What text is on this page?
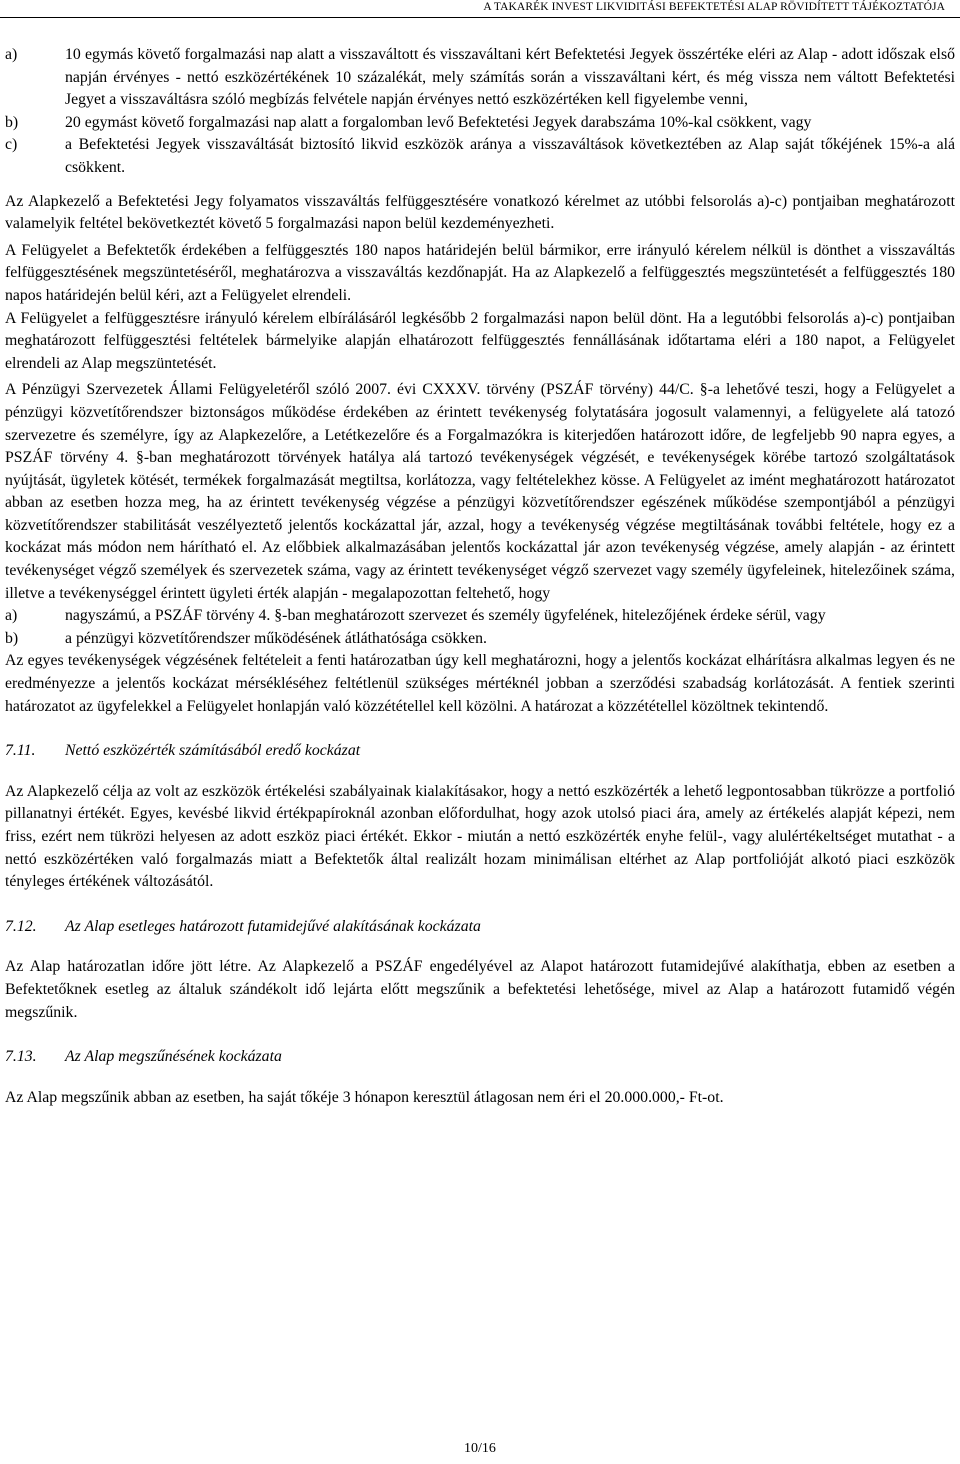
A TAKARÉK INVEST LIKVIDITÁSI BEFEKTETÉSI ALAP RÖVIDÍTETT TÁJÉKOZTATÓJA
a)	10 egymás követő forgalmazási nap alatt a visszaváltott és visszaváltani kért Befektetési Jegyek összértéke eléri az Alap - adott időszak első napján érvényes - nettó eszközértékének 10 százalékát, mely számítás során a visszaváltani kért, és még vissza nem váltott Befektetési Jegyet a visszaváltásra szóló megbízás felvétele napján érvényes nettó eszközértéken kell figyelembe venni,
b)	20 egymást követő forgalmazási nap alatt a forgalomban levő Befektetési Jegyek darabszáma 10%-kal csökkent, vagy
c)	a Befektetési Jegyek visszaváltását biztosító likvid eszközök aránya a visszaváltások következtében az Alap saját tőkéjének 15%-a alá csökkent.

Az Alapkezelő a Befektetési Jegy folyamatos visszaváltás felfüggesztésére vonatkozó kérelmet az utóbbi felsorolás a)-c) pontjaiban meghatározott valamelyik feltétel bekövetkeztét követő 5 forgalmazási napon belül kezdeményezheti.

A Felügyelet a Befektetők érdekében a felfüggesztés 180 napos határidején belül bármikor, erre irányuló kérelem nélkül is dönthet a visszaváltás felfüggesztésének megszüntetéséről, meghatározva a visszaváltás kezdőnapját. Ha az Alapkezelő a felfüggesztés megszüntetését a felfüggesztés 180 napos határidején belül kéri, azt a Felügyelet elrendeli.

A Felügyelet a felfüggesztésre irányuló kérelem elbírálásáról legkésőbb 2 forgalmazási napon belül dönt. Ha a legutóbbi felsorolás a)-c) pontjaiban meghatározott felfüggesztési feltételek bármelyike alapján elhatározott felfüggesztés fennállásának időtartama eléri a 180 napot, a Felügyelet elrendeli az Alap megszüntetését.

A Pénzügyi Szervezetek Állami Felügyeletéről szóló 2007. évi CXXXV. törvény (PSZÁF törvény) 44/C. §-a lehetővé teszi, hogy a Felügyelet a pénzügyi közvetítőrendszer biztonságos működése érdekében az érintett tevékenység folytatására jogosult valamennyi, a felügyelete alá tatozó szervezetre és személyre, így az Alapkezelőre, a Letétkezelőre és a Forgalmazókra is kiterjedően határozott időre, de legfeljebb 90 napra egyes, a PSZÁF törvény 4. §-ban meghatározott törvények hatálya alá tartozó tevékenységek végzését, e tevékenységek körébe tartozó szolgáltatások nyújtását, ügyletek kötését, termékek forgalmazását megtiltsa, korlátozza, vagy feltételekhez kösse. A Felügyelet az imént meghatározott határozatot abban az esetben hozza meg, ha az érintett tevékenység végzése a pénzügyi közvetítőrendszer egészének működése szempontjából a pénzügyi közvetítőrendszer stabilitását veszélyeztető jelentős kockázattal jár, azzal, hogy a tevékenység végzése megtiltásának további feltétele, hogy ez a kockázat más módon nem hárítható el. Az előbbiek alkalmazásában jelentős kockázattal jár azon tevékenység végzése, amely alapján - az érintett tevékenységet végző személyek és szervezetek száma, vagy az érintett tevékenységet végző szervezet vagy személy ügyfeleinek, hitelezőinek száma, illetve a tevékenységgel érintett ügyleti érték alapján - megalapozottan feltehető, hogy

a)	nagyszámú, a PSZÁF törvény 4. §-ban meghatározott szervezet és személy ügyfelének, hitelezőjének érdeke sérül, vagy
b)	a pénzügyi közvetítőrendszer működésének átláthatósága csökken.

Az egyes tevékenységek végzésének feltételeit a fenti határozatban úgy kell meghatározni, hogy a jelentős kockázat elhárításra alkalmas legyen és ne eredményezze a jelentős kockázat mérsékléséhez feltétlenül szükséges mértéknél jobban a szerződési szabadság korlátozását. A fentiek szerinti határozatot az ügyfelekkel a Felügyelet honlapján való közzététellel kell közölni. A határozat a közzététellel közöltnek tekintendő.

7.11.	Nettó eszközérték számításából eredő kockázat

Az Alapkezelő célja az volt az eszközök értékelési szabályainak kialakításakor, hogy a nettó eszközérték a lehető legpontosabban tükrözze a portfolió pillanatnyi értékét. Egyes, kevésbé likvid értékpapíroknál azonban előfordulhat, hogy azok utolsó piaci ára, amely az értékelés alapját képezi, nem friss, ezért nem tükrözi helyesen az adott eszköz piaci értékét. Ekkor - miután a nettó eszközérték enyhe felül-, vagy alulértékeltséget mutathat - a nettó eszközértéken való forgalmazás miatt a Befektetők által realizált hozam minimálisan eltérhet az Alap portfolióját alkotó piaci eszközök tényleges értékének változásától.

7.12.	Az Alap esetleges határozott futamidejűvé alakításának kockázata

Az Alap határozatlan időre jött létre. Az Alapkezelő a PSZÁF engedélyével az Alapot határozott futamidejűvé alakíthatja, ebben az esetben a Befektetőknek esetleg az általuk szándékolt idő lejárta előtt megszűnik a befektetési lehetősége, mivel az Alap a határozott futamidő végén megszűnik.

7.13.	Az Alap megszűnésének kockázata

Az Alap megszűnik abban az esetben, ha saját tőkéje 3 hónapon keresztül átlagosan nem éri el 20.000.000,- Ft-ot.

10/16
